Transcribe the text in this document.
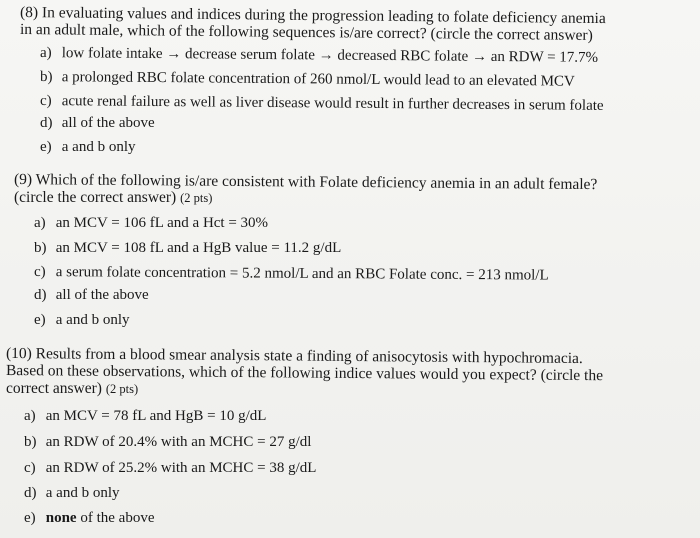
(8) In evaluating values and indices during the progression leading to folate deficiency anemia
in an adult male, which of the following sequences is/are correct? (circle the correct answer)
a) low folate intake → decrease serum folate → decreased RBC folate → an RDW = 17.7%
b) a prolonged RBC folate concentration of 260 nmol/L would lead to an elevated MCV
c) acute renal failure as well as liver disease would result in further decreases in serum folate
d) all of the above
e) a and b only
(9) Which of the following is/are consistent with Folate deficiency anemia in an adult female?
(circle the correct answer) (2 pts)
a) an MCV = 106 fL and a Hct = 30%
b) an MCV = 108 fL and a HgB value = 11.2 g/dL
c) a serum folate concentration = 5.2 nmol/L and an RBC Folate conc. = 213 nmol/L
d) all of the above
e) a and b only
(10) Results from a blood smear analysis state a finding of anisocytosis with hypochromacia.
Based on these observations, which of the following indice values would you expect? (circle the
correct answer) (2 pts)
a) an MCV = 78 fL and HgB = 10 g/dL
b) an RDW of 20.4% with an MCHC = 27 g/dl
c) an RDW of 25.2% with an MCHC = 38 g/dL
d) a and b only
e) none of the above
